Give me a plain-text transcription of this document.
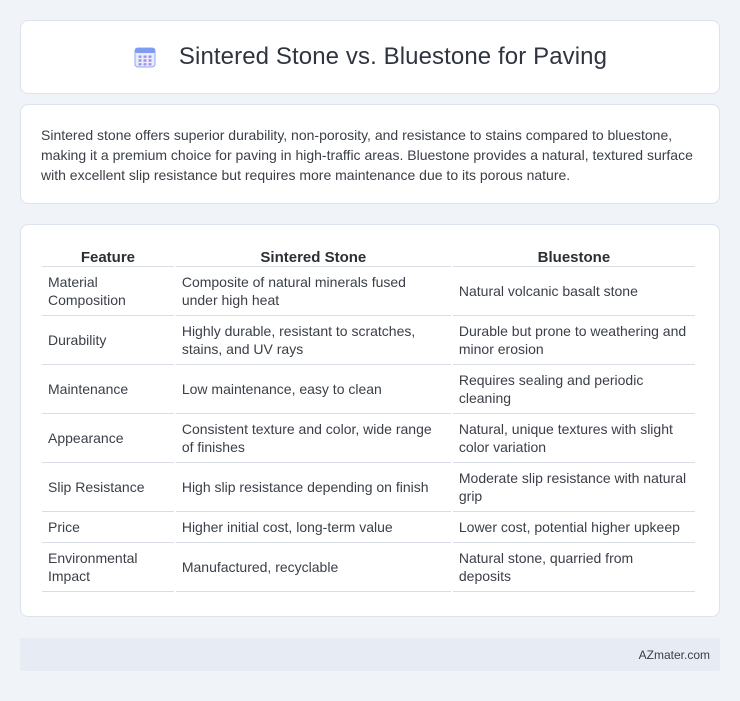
Sintered Stone vs. Bluestone for Paving

Sintered stone offers superior durability, non-porosity, and resistance to stains compared to bluestone, making it a premium choice for paving in high-traffic areas. Bluestone provides a natural, textured surface with excellent slip resistance but requires more maintenance due to its porous nature.

Feature	Sintered Stone	Bluestone
Material Composition	Composite of natural minerals fused under high heat	Natural volcanic basalt stone
Durability	Highly durable, resistant to scratches, stains, and UV rays	Durable but prone to weathering and minor erosion
Maintenance	Low maintenance, easy to clean	Requires sealing and periodic cleaning
Appearance	Consistent texture and color, wide range of finishes	Natural, unique textures with slight color variation
Slip Resistance	High slip resistance depending on finish	Moderate slip resistance with natural grip
Price	Higher initial cost, long-term value	Lower cost, potential higher upkeep
Environmental Impact	Manufactured, recyclable	Natural stone, quarried from deposits
AZmater.com
